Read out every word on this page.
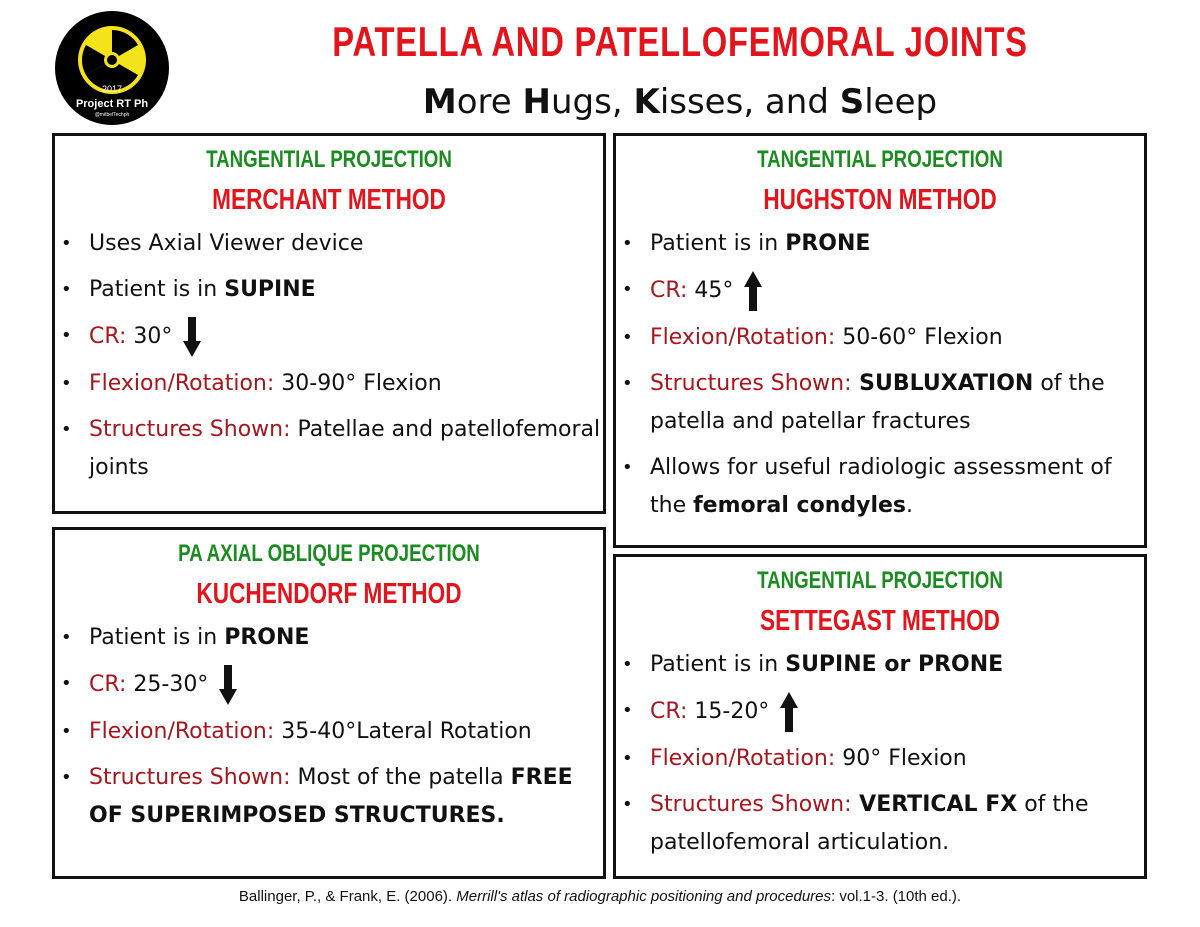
2017
Project RT Ph
@mitbelTechph
PATELLA AND PATELLOFEMORAL JOINTS
More Hugs, Kisses, and Sleep
TANGENTIAL PROJECTION
MERCHANT METHOD
• Uses Axial Viewer device
• Patient is in SUPINE
• CR: 30°
• Flexion/Rotation: 30-90° Flexion
• Structures Shown: Patellae and patellofemoral joints
TANGENTIAL PROJECTION
HUGHSTON METHOD
• Patient is in PRONE
• CR: 45°
• Flexion/Rotation: 50-60° Flexion
• Structures Shown: SUBLUXATION of the patella and patellar fractures
• Allows for useful radiologic assessment of the femoral condyles.
PA AXIAL OBLIQUE PROJECTION
KUCHENDORF METHOD
• Patient is in PRONE
• CR: 25-30°
• Flexion/Rotation: 35-40°Lateral Rotation
• Structures Shown: Most of the patella FREE OF SUPERIMPOSED STRUCTURES.
TANGENTIAL PROJECTION
SETTEGAST METHOD
• Patient is in SUPINE or PRONE
• CR: 15-20°
• Flexion/Rotation: 90° Flexion
• Structures Shown: VERTICAL FX of the patellofemoral articulation.
Ballinger, P., & Frank, E. (2006). Merrill's atlas of radiographic positioning and procedures: vol.1-3. (10th ed.).
